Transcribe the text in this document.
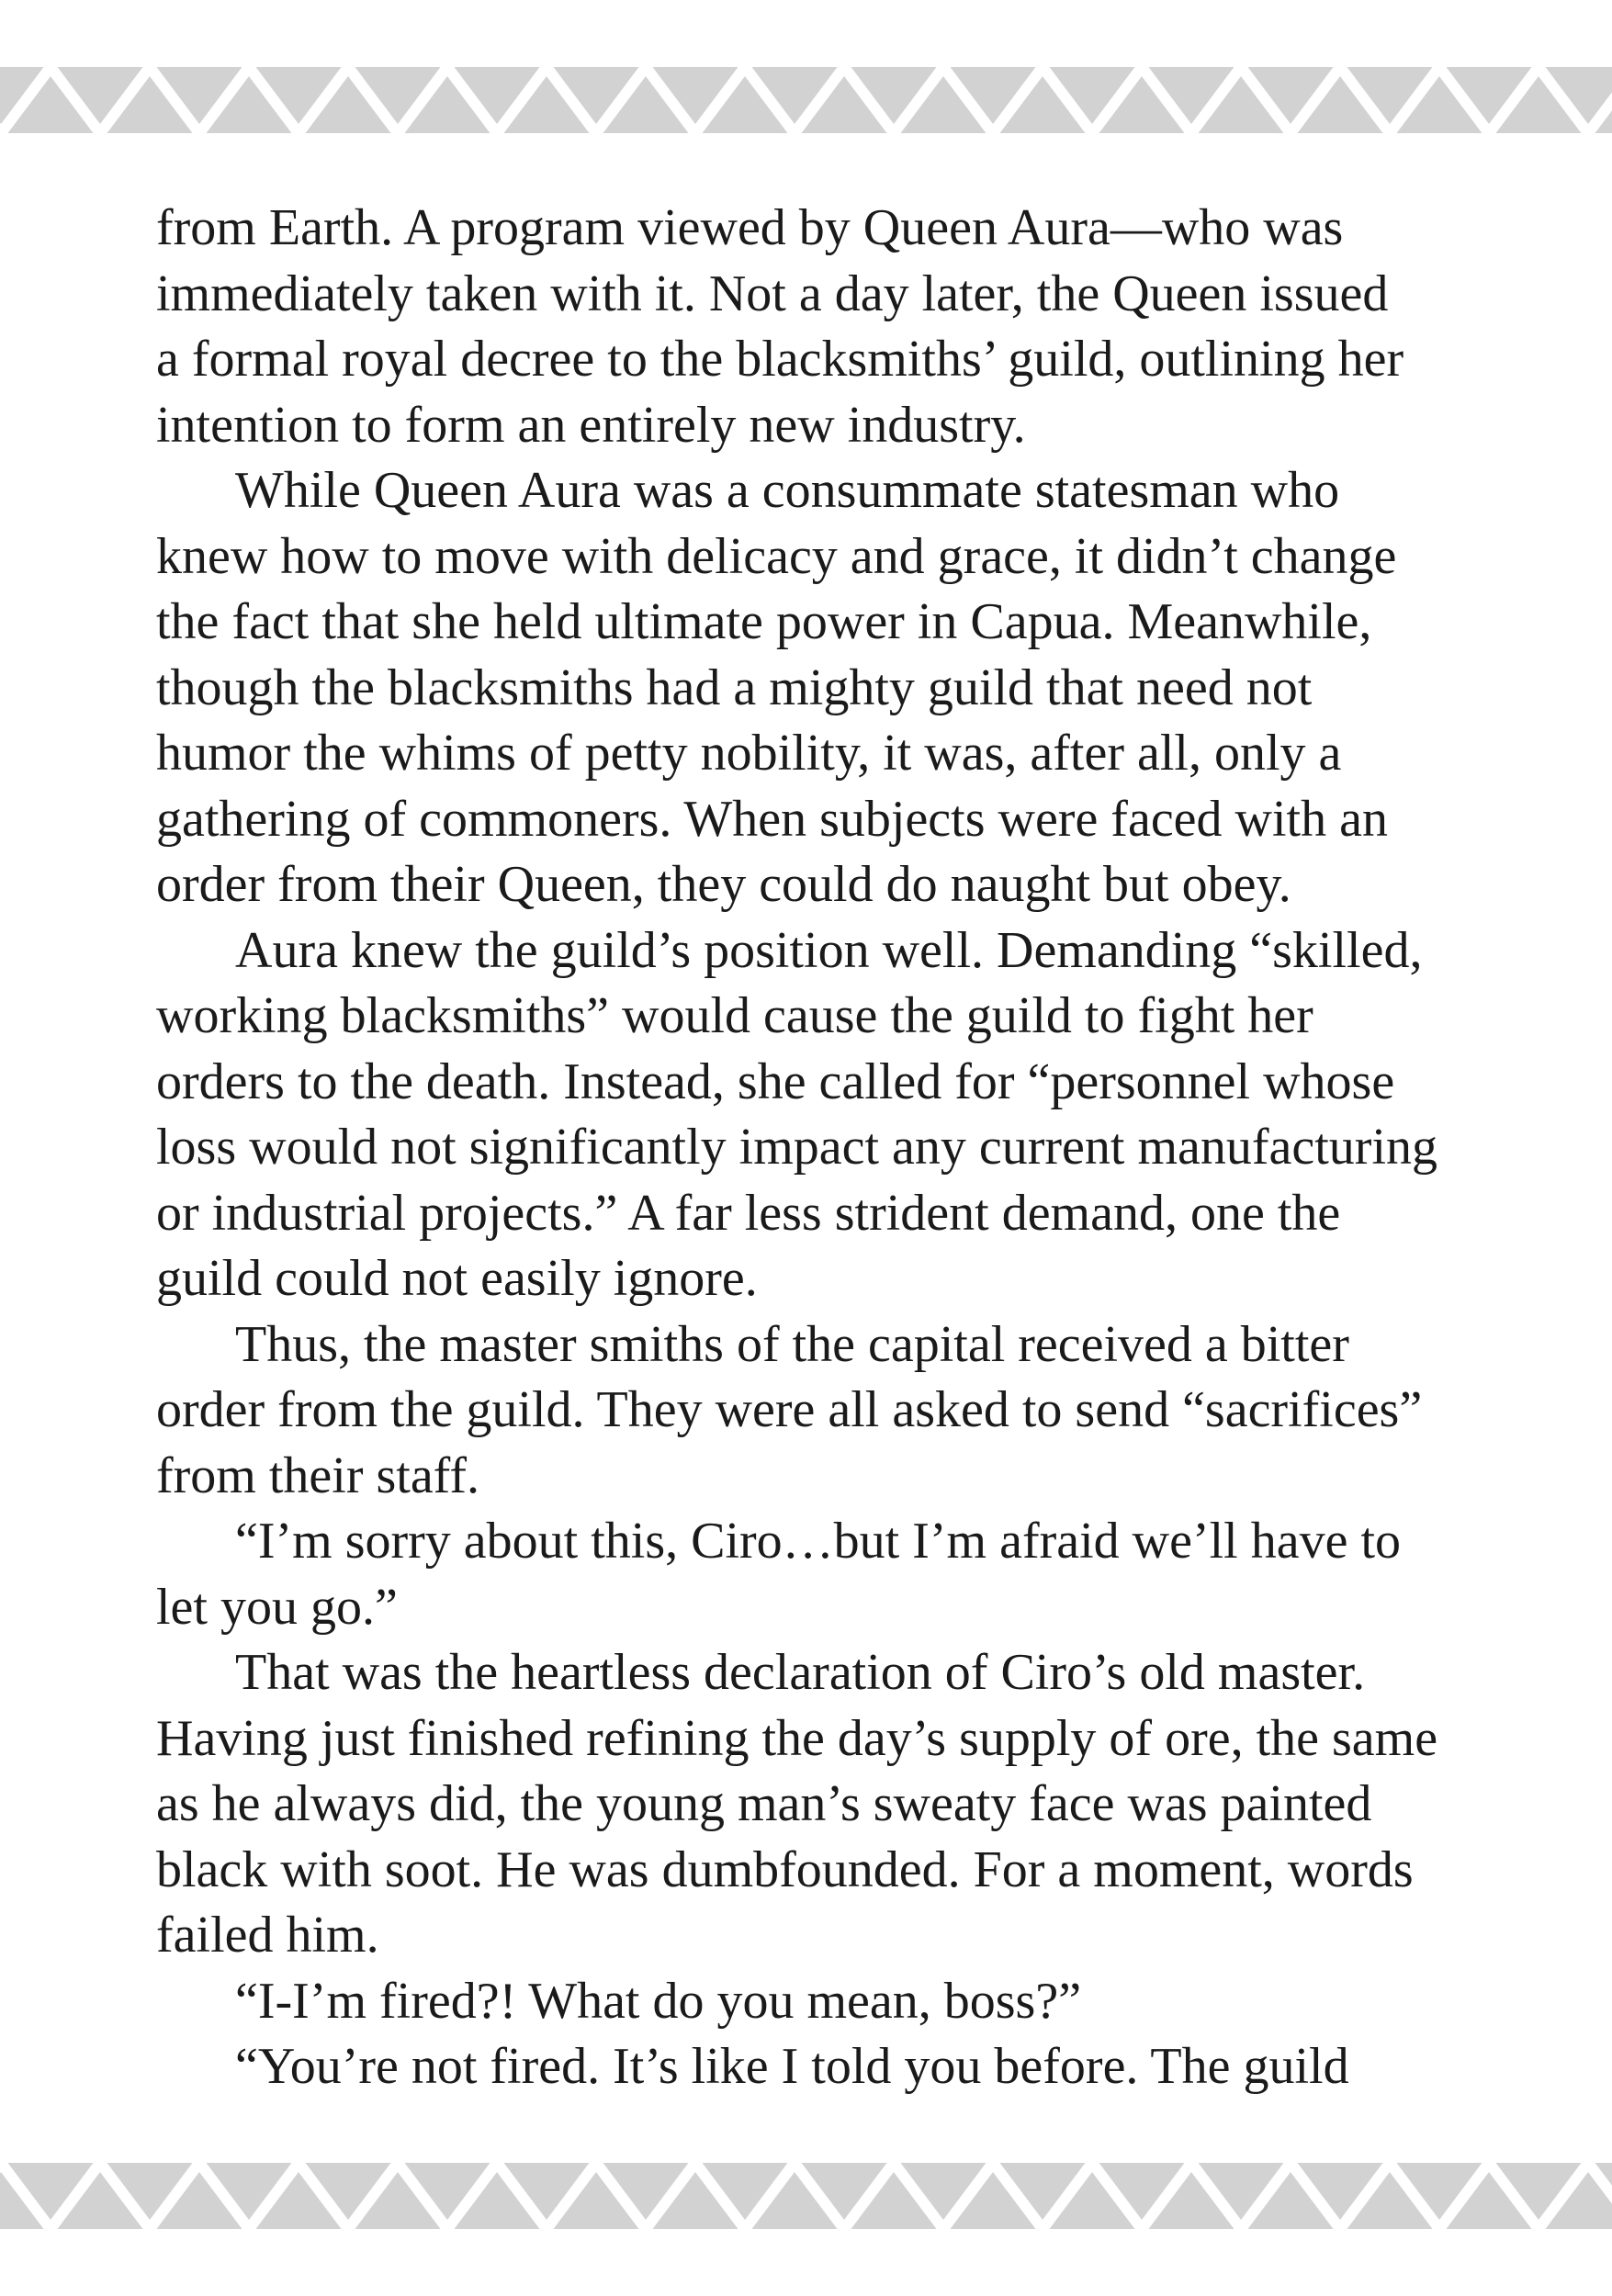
from Earth. A program viewed by Queen Aura—who was
immediately taken with it. Not a day later, the Queen issued
a formal royal decree to the blacksmiths’ guild, outlining her
intention to form an entirely new industry.
While Queen Aura was a consummate statesman who
knew how to move with delicacy and grace, it didn’t change
the fact that she held ultimate power in Capua. Meanwhile,
though the blacksmiths had a mighty guild that need not
humor the whims of petty nobility, it was, after all, only a
gathering of commoners. When subjects were faced with an
order from their Queen, they could do naught but obey.
Aura knew the guild’s position well. Demanding “skilled,
working blacksmiths” would cause the guild to fight her
orders to the death. Instead, she called for “personnel whose
loss would not significantly impact any current manufacturing
or industrial projects.” A far less strident demand, one the
guild could not easily ignore.
Thus, the master smiths of the capital received a bitter
order from the guild. They were all asked to send “sacrifices”
from their staff.
“I’m sorry about this, Ciro…but I’m afraid we’ll have to
let you go.”
That was the heartless declaration of Ciro’s old master.
Having just finished refining the day’s supply of ore, the same
as he always did, the young man’s sweaty face was painted
black with soot. He was dumbfounded. For a moment, words
failed him.
“I-I’m fired?! What do you mean, boss?”
“You’re not fired. It’s like I told you before. The guild
